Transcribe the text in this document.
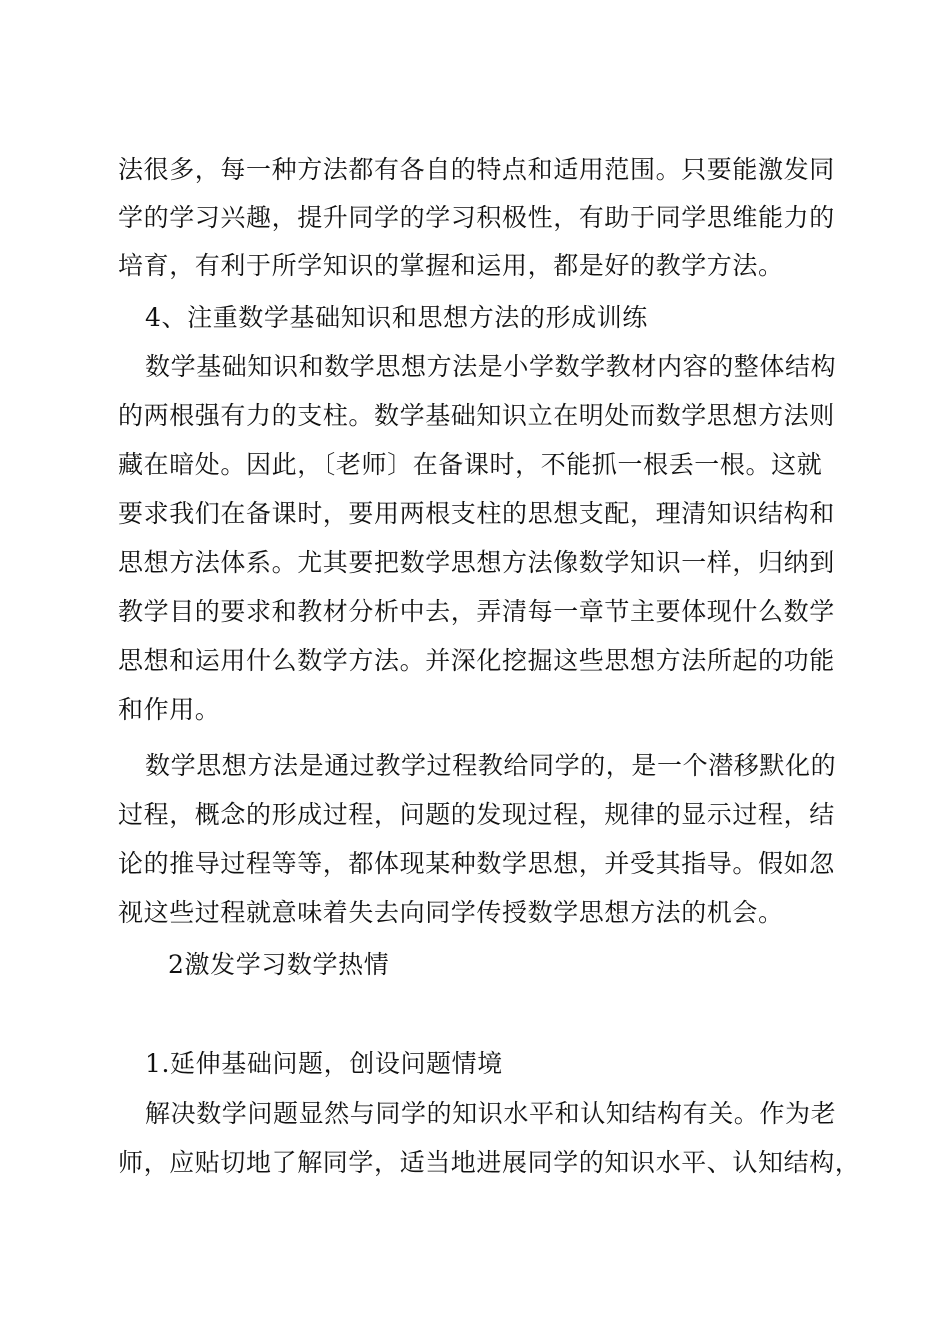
法很多，每一种方法都有各自的特点和适用范围。只要能激发同
学的学习兴趣，提升同学的学习积极性，有助于同学思维能力的
培育，有利于所学知识的掌握和运用，都是好的教学方法。
4、注重数学基础知识和思想方法的形成训练
数学基础知识和数学思想方法是小学数学教材内容的整体结构
的两根强有力的支柱。数学基础知识立在明处而数学思想方法则
藏在暗处。因此，〔老师〕在备课时，不能抓一根丢一根。这就
要求我们在备课时，要用两根支柱的思想支配，理清知识结构和
思想方法体系。尤其要把数学思想方法像数学知识一样，归纳到
教学目的要求和教材分析中去，弄清每一章节主要体现什么数学
思想和运用什么数学方法。并深化挖掘这些思想方法所起的功能
和作用。
数学思想方法是通过教学过程教给同学的，是一个潜移默化的
过程，概念的形成过程，问题的发现过程，规律的显示过程，结
论的推导过程等等，都体现某种数学思想，并受其指导。假如忽
视这些过程就意味着失去向同学传授数学思想方法的机会。
2激发学习数学热情
1.延伸基础问题，创设问题情境
解决数学问题显然与同学的知识水平和认知结构有关。作为老
师，应贴切地了解同学，适当地进展同学的知识水平、认知结构，
